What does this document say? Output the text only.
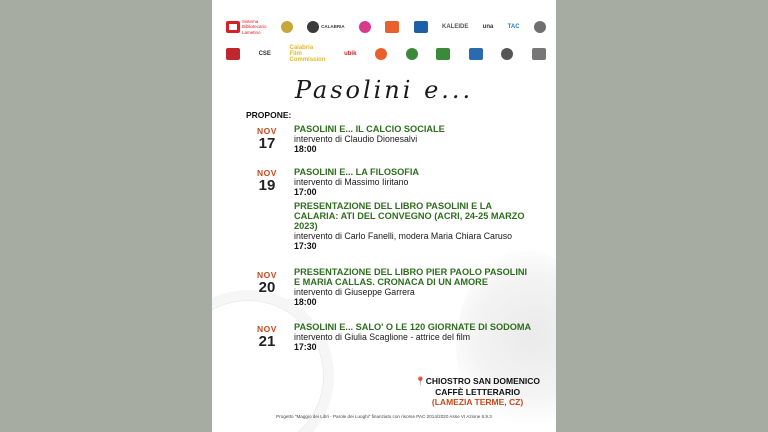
Sistema
Bibliotecario
Lametino
CALABRIA	KALEIDE una TAC
CSE
Calabria
Film
Commission
ubik
Pasolini e...
PROPONE:
NOV
17
PASOLINI E... IL CALCIO SOCIALE
intervento di Claudio Dionesalvi
18:00
NOV
19
PASOLINI E... LA FILOSOFIA
intervento di Massimo Iiritano
17:00
PRESENTAZIONE DEL LIBRO PASOLINI E LA CALARIA: ATI DEL CONVEGNO (ACRI, 24-25 MARZO 2023)
intervento di Carlo Fanelli, modera Maria Chiara Caruso
17:30
NOV
20
PRESENTAZIONE DEL LIBRO PIER PAOLO PASOLINI E MARIA CALLAS. CRONACA DI UN AMORE
intervento di Giuseppe Garrera
18:00
NOV
21
PASOLINI E... SALO' O LE 120 GIORNATE DI SODOMA
intervento di Giulia Scaglione - attrice del film
17:30
📍CHIOSTRO SAN DOMENICO
CAFFÈ LETTERARIO
(LAMEZIA TERME, CZ)
Progetto "Maggio dei Libri - Parole dei Luoghi" finanziato con risorse PAC 2014/2020 Asse VI Azione 6.9.3
